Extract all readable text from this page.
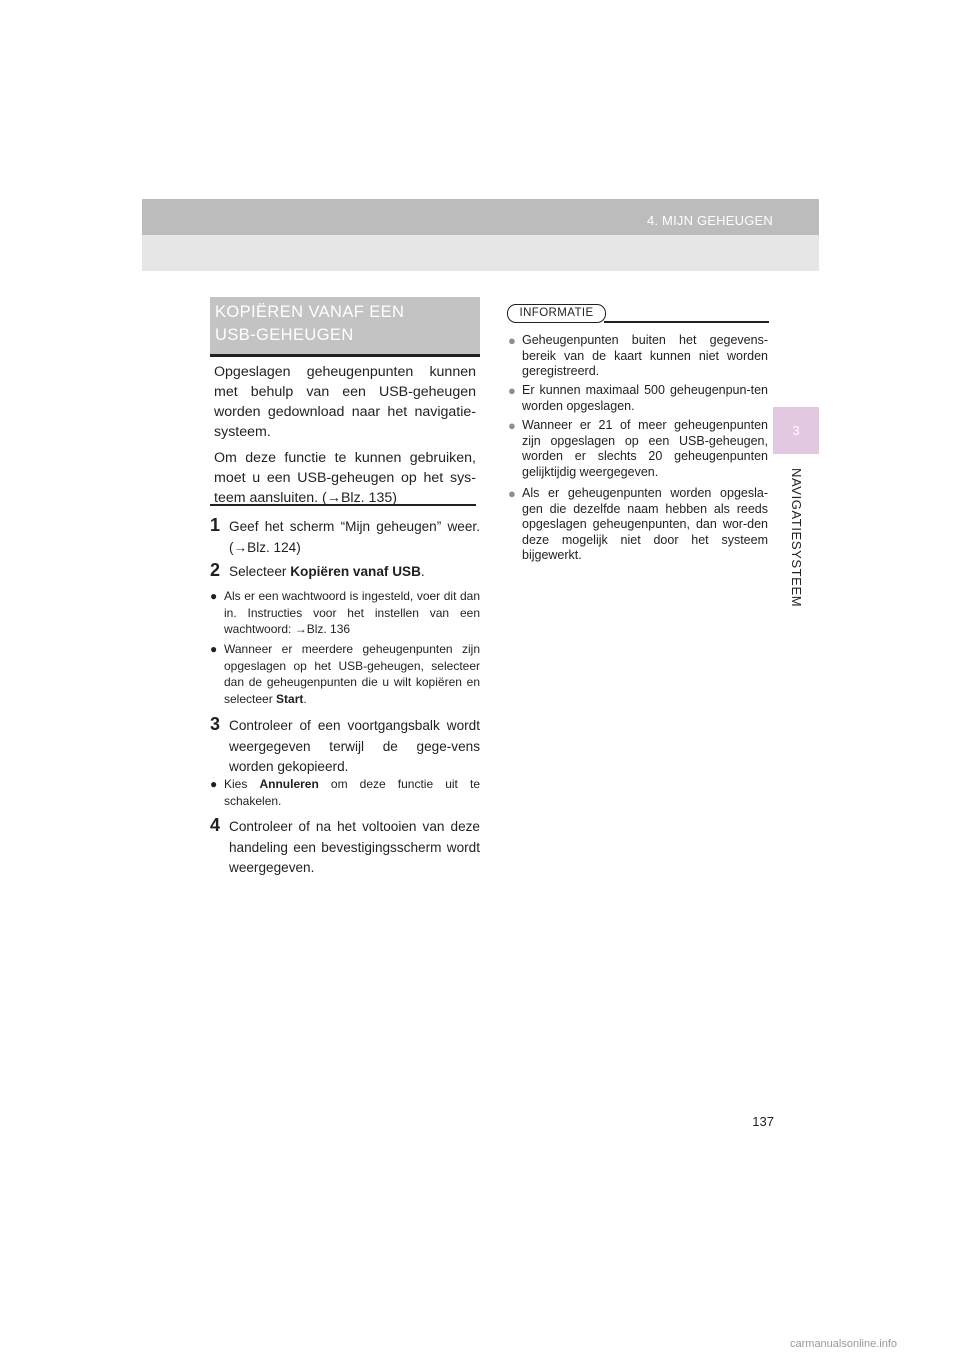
4. MIJN GEHEUGEN
3
NAVIGATIESYSTEEM
KOPIËREN VANAF EEN
USB-GEHEUGEN

Opgeslagen geheugenpunten kunnen met behulp van een USB-geheugen worden gedownload naar het navigatie-systeem.

Om deze functie te kunnen gebruiken, moet u een USB-geheugen op het sys-teem aansluiten. (→Blz. 135)

1 Geef het scherm “Mijn geheugen” weer. (→Blz. 124)
2 Selecteer Kopiëren vanaf USB.
● Als er een wachtwoord is ingesteld, voer dit dan in. Instructies voor het instellen van een wachtwoord: →Blz. 136
● Wanneer er meerdere geheugenpunten zijn opgeslagen op het USB-geheugen, selecteer dan de geheugenpunten die u wilt kopiëren en selecteer Start.
3 Controleer of een voortgangsbalk wordt weergegeven terwijl de gege-vens worden gekopieerd.
● Kies Annuleren om deze functie uit te schakelen.
4 Controleer of na het voltooien van deze handeling een bevestigingsscherm wordt weergegeven.
INFORMATIE
● Geheugenpunten buiten het gegevens-bereik van de kaart kunnen niet worden geregistreerd.
● Er kunnen maximaal 500 geheugenpun-ten worden opgeslagen.
● Wanneer er 21 of meer geheugenpunten zijn opgeslagen op een USB-geheugen, worden er slechts 20 geheugenpunten gelijktijdig weergegeven.
● Als er geheugenpunten worden opgesla-gen die dezelfde naam hebben als reeds opgeslagen geheugenpunten, dan wor-den deze mogelijk niet door het systeem bijgewerkt.
137
carmanualsonline.info
